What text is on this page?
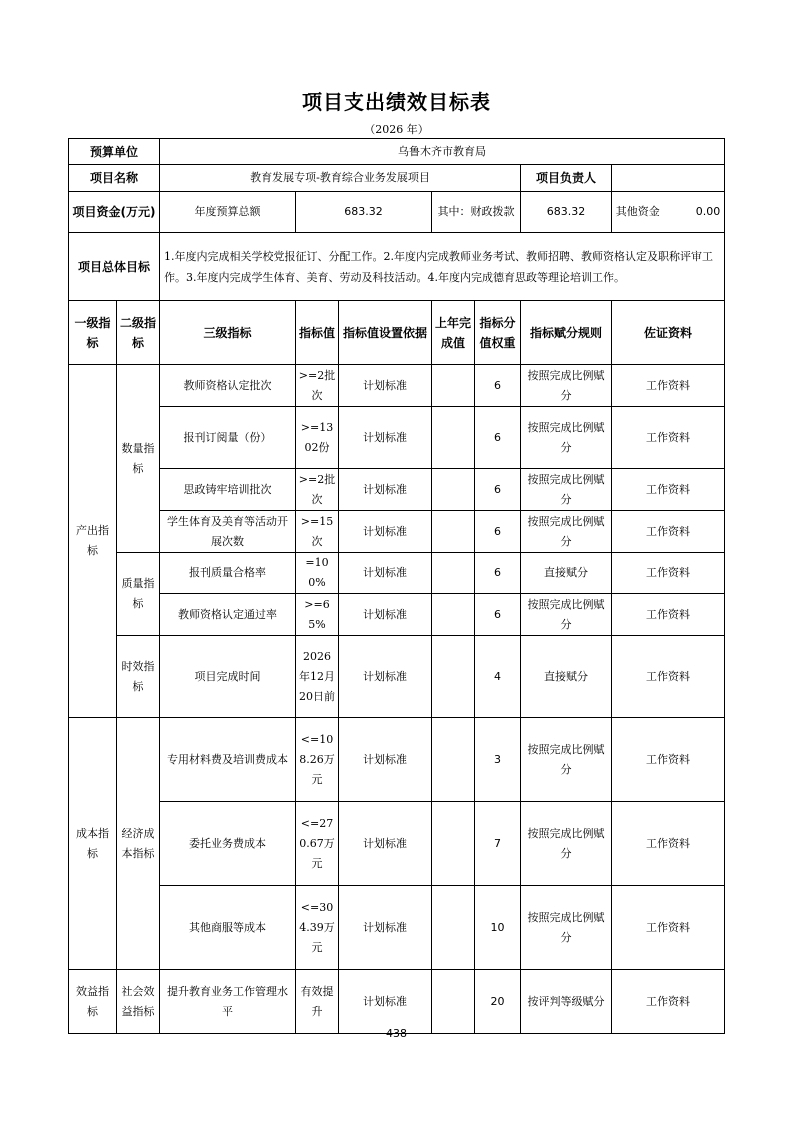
项目支出绩效目标表
（2026 年）
预算单位		乌鲁木齐市教育局						
项目名称		教育发展专项-教育综合业务发展项目					项目负责人	
项目资金(万元)		年度预算总额	683.32		其中：财政拨款		683.32	其他资金 0.00
项目总体目标		1.年度内完成相关学校党报征订、分配工作。2.年度内完成教师业务考试、教师招聘、教师资格认定及职称评审工作。3.年度内完成学生体育、美育、劳动及科技活动。4.年度内完成德育思政等理论培训工作。						
一级指标	二级指标	三级指标	指标值	指标值设置依据	上年完成值	指标分值权重	指标赋分规则	佐证资料
产出指标	数量指标	教师资格认定批次	>=2批次	计划标准		6	按照完成比例赋分	工作资料
		报刊订阅量（份）	>=1302份	计划标准		6	按照完成比例赋分	工作资料
		思政铸牢培训批次	>=2批次	计划标准		6	按照完成比例赋分	工作资料
		学生体育及美育等活动开展次数	>=15次	计划标准		6	按照完成比例赋分	工作资料
	质量指标	报刊质量合格率	=100%	计划标准		6	直接赋分	工作资料
		教师资格认定通过率	>=65%	计划标准		6	按照完成比例赋分	工作资料
	时效指标	项目完成时间	2026年12月20日前	计划标准		4	直接赋分	工作资料
成本指标	经济成本指标	专用材料费及培训费成本	<=108.26万元	计划标准		3	按照完成比例赋分	工作资料
		委托业务费成本	<=270.67万元	计划标准		7	按照完成比例赋分	工作资料
		其他商服等成本	<=304.39万元	计划标准		10	按照完成比例赋分	工作资料
效益指标	社会效益指标	提升教育业务工作管理水平	有效提升	计划标准		20	按评判等级赋分	工作资料
438
